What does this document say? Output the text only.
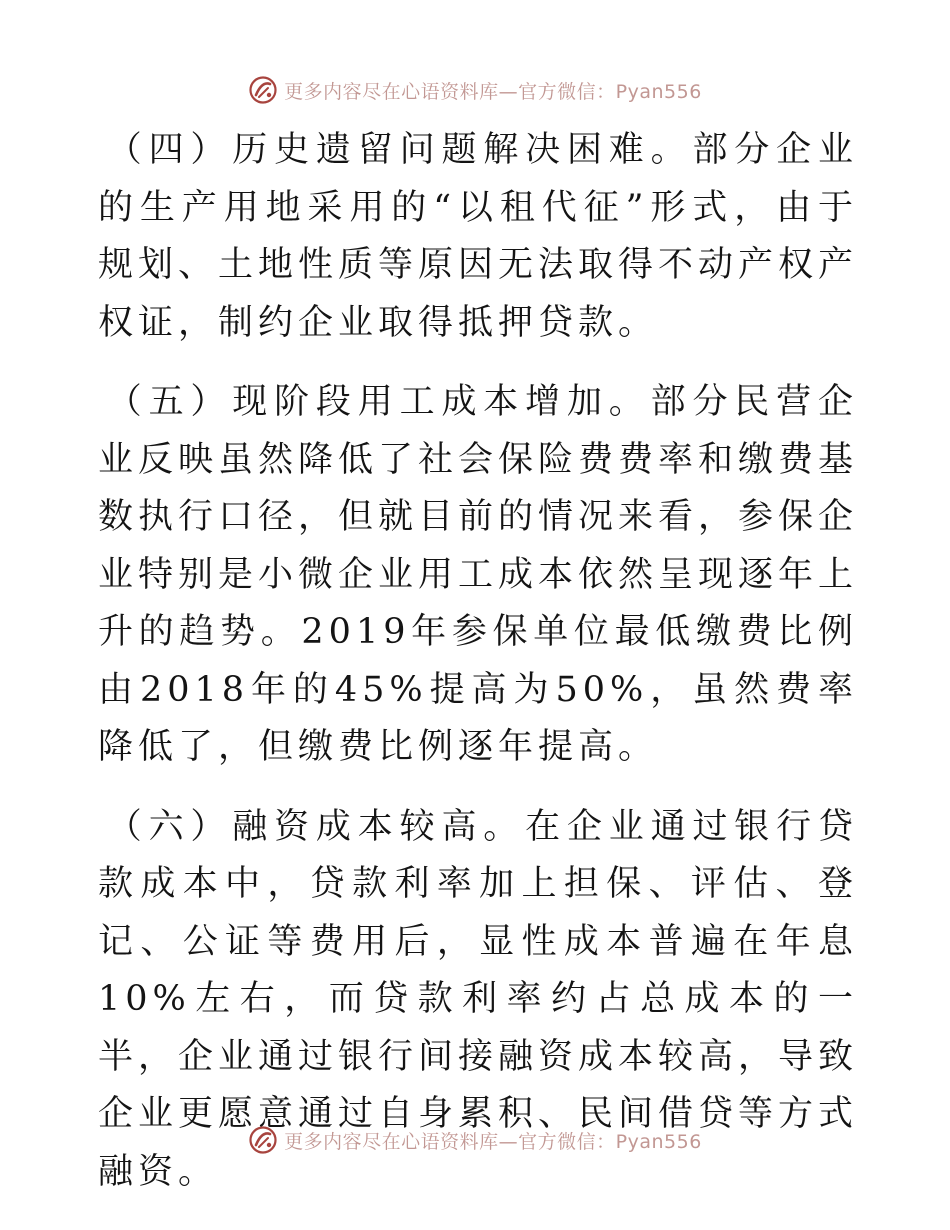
更多内容尽在心语资料库—官方微信：Pyan556

（四）历史遗留问题解决困难。部分企业的生产用地采用的“以租代征”形式，由于规划、土地性质等原因无法取得不动产权产权证，制约企业取得抵押贷款。

（五）现阶段用工成本增加。部分民营企业反映虽然降低了社会保险费费率和缴费基数执行口径，但就目前的情况来看，参保企业特别是小微企业用工成本依然呈现逐年上升的趋势。2019年参保单位最低缴费比例由2018年的45%提高为50%，虽然费率降低了，但缴费比例逐年提高。

（六）融资成本较高。在企业通过银行贷款成本中，贷款利率加上担保、评估、登记、公证等费用后，显性成本普遍在年息10%左右，而贷款利率约占总成本的一半，企业通过银行间接融资成本较高，导致企业更愿意通过自身累积、民间借贷等方式融资。

更多内容尽在心语资料库—官方微信：Pyan556
